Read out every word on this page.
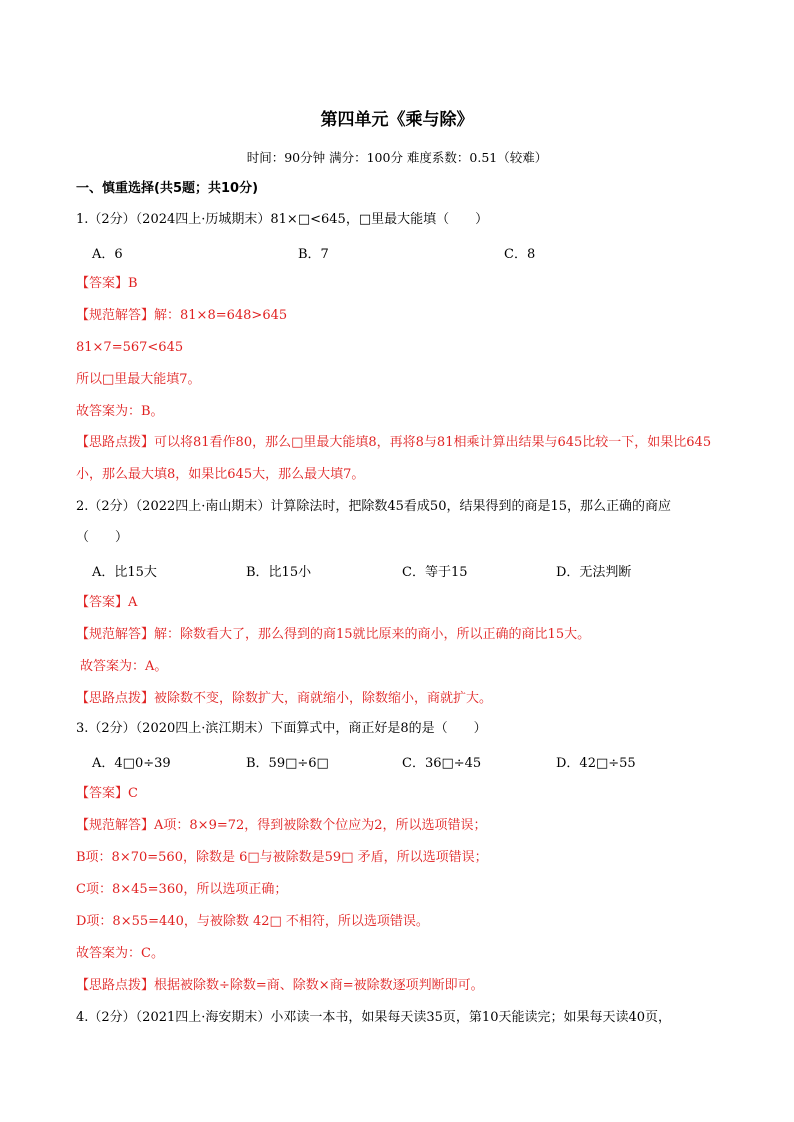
第四单元《乘与除》
时间：90分钟 满分：100分 难度系数：0.51（较难）
一、慎重选择(共5题；共10分)
1.（2分）（2024四上·历城期末）81×□<645，□里最大能填（　　）
A．6	B．7	C．8
【答案】B
【规范解答】解：81×8=648>645
81×7=567<645
所以□里最大能填7。
故答案为：B。
【思路点拨】可以将81看作80，那么□里最大能填8，再将8与81相乘计算出结果与645比较一下，如果比645小，那么最大填8，如果比645大，那么最大填7。
2.（2分）（2022四上·南山期末）计算除法时，把除数45看成50，结果得到的商是15，那么正确的商应
（　　）
A．比15大	B．比15小	C．等于15	D．无法判断
【答案】A
【规范解答】解：除数看大了，那么得到的商15就比原来的商小，所以正确的商比15大。
故答案为：A。
【思路点拨】被除数不变，除数扩大，商就缩小，除数缩小，商就扩大。
3.（2分）（2020四上·滨江期末）下面算式中，商正好是8的是（　　）
A．4□0÷39	B．59□÷6□	C．36□÷45	D．42□÷55
【答案】C
【规范解答】A项：8×9=72，得到被除数个位应为2，所以选项错误；
B项：8×70=560，除数是 6□与被除数是59□ 矛盾，所以选项错误；
C项：8×45=360，所以选项正确；
D项：8×55=440，与被除数 42□ 不相符，所以选项错误。
故答案为：C。
【思路点拨】根据被除数÷除数=商、除数×商=被除数逐项判断即可。
4.（2分）（2021四上·海安期末）小邓读一本书，如果每天读35页，第10天能读完；如果每天读40页，
